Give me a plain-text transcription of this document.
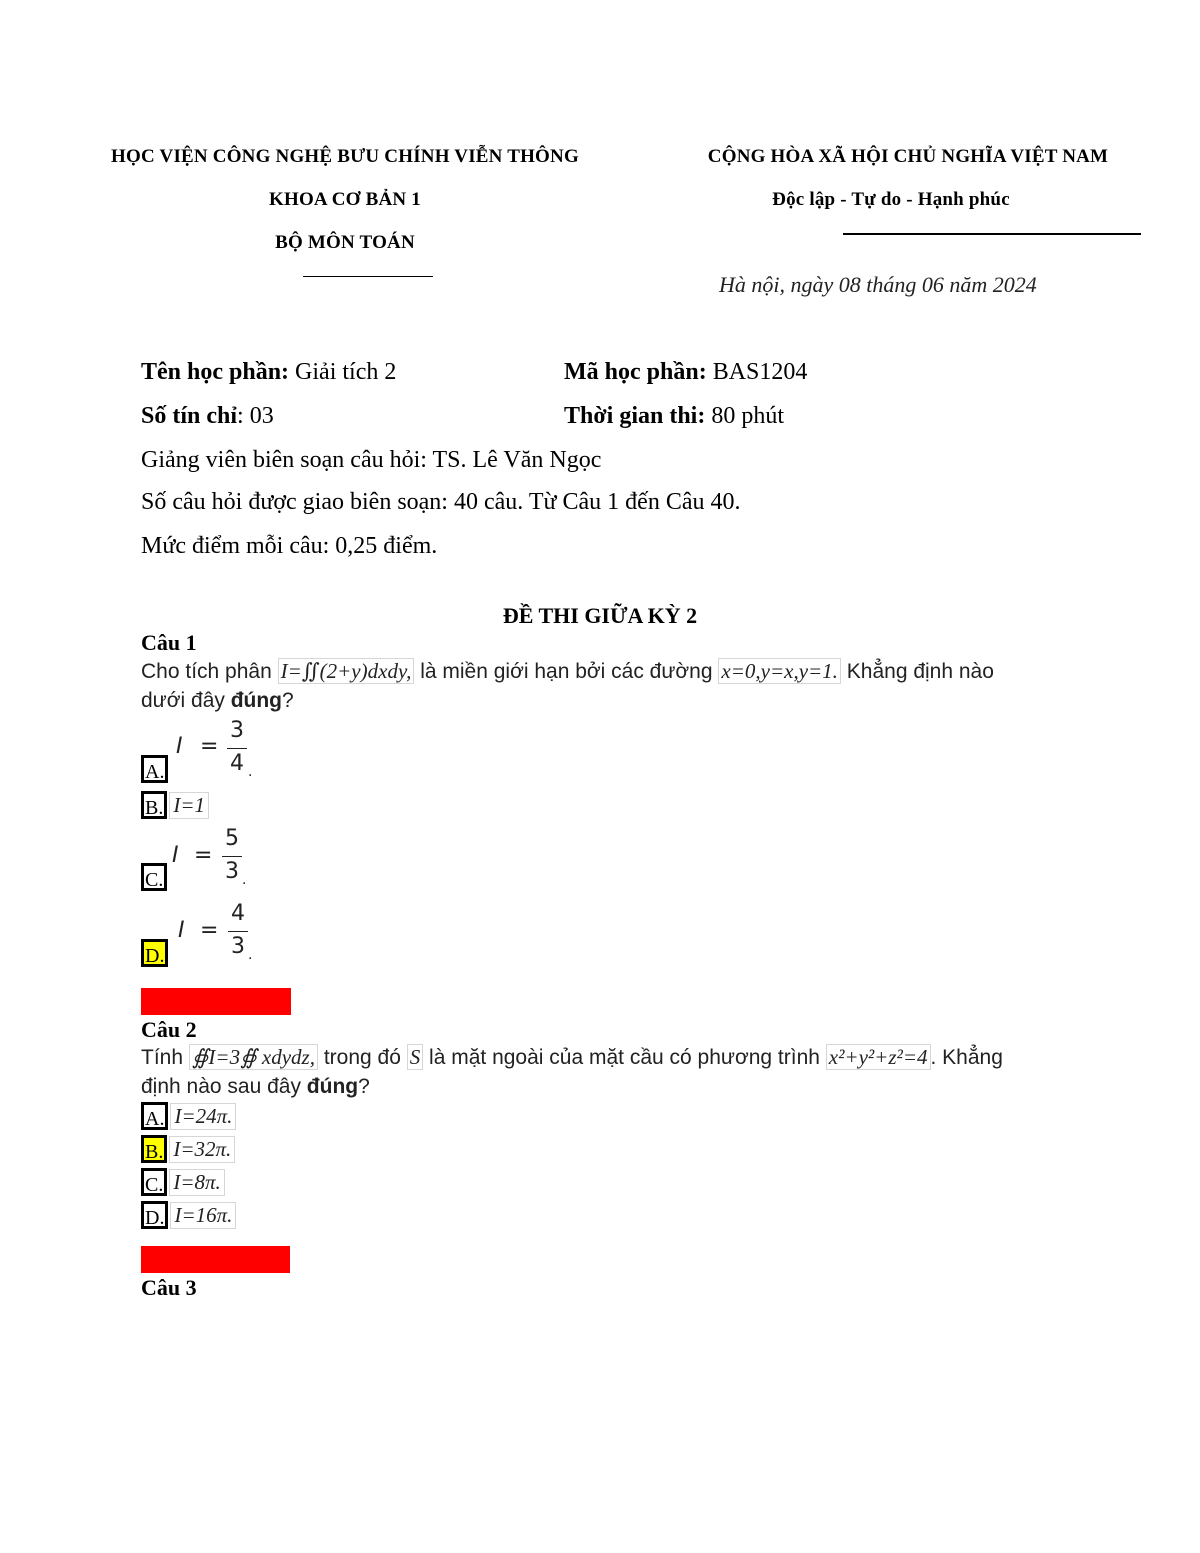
HỌC VIỆN CÔNG NGHỆ BƯU CHÍNH VIỄN THÔNG
KHOA CƠ BẢN 1
BỘ MÔN TOÁN
CỘNG HÒA XÃ HỘI CHỦ NGHĨA VIỆT NAM
Độc lập - Tự do - Hạnh phúc
Hà nội, ngày 08 tháng 06 năm 2024
Tên học phần: Giải tích 2	Mã học phần: BAS1204
Số tín chỉ: 03	Thời gian thi: 80 phút
Giảng viên biên soạn câu hỏi: TS. Lê Văn Ngọc
Số câu hỏi được giao biên soạn: 40 câu. Từ Câu 1 đến Câu 40.
Mức điểm mỗi câu: 0,25 điểm.
ĐỀ THI GIỮA KỲ 2
Câu 1
Cho tích phân I=∬(2+y)dxdy, là miền giới hạn bởi các đường x=0,y=x,y=1. Khẳng định nào
dưới đây đúng?
A.
I =
3
4 .
B. I=1
C.
I =
5
3 .
D.
I =
4
3 .
Câu 2
Tính ∯I=3∯ xdydz, trong đó S là mặt ngoài của mặt cầu có phương trình x²+y²+z²=4 . Khẳng
định nào sau đây đúng?
A. I=24π.
B. I=32π.
C. I=8π.
D. I=16π.
Câu 3
